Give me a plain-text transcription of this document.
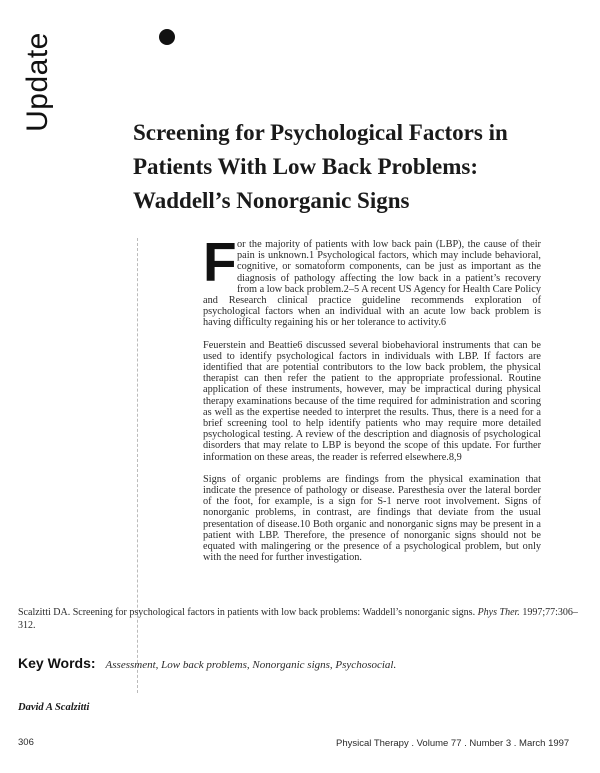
Update
Screening for Psychological Factors in
Patients With Low Back Problems:
Waddell’s Nonorganic Signs

For the majority of patients with low back pain (LBP), the cause of their pain is unknown.1 Psychological factors, which may include behavioral, cognitive, or somatoform components, can be just as important as the diagnosis of pathology affecting the low back in a patient’s recovery from a low back problem.2–5 A recent US Agency for Health Care Policy and Research clinical practice guideline recommends exploration of psychological factors when an individual with an acute low back problem is having difficulty regaining his or her tolerance to activity.6

Feuerstein and Beattie6 discussed several biobehavioral instruments that can be used to identify psychological factors in individuals with LBP. If factors are identified that are potential contributors to the low back problem, the physical therapist can then refer the patient to the appropriate professional. Routine application of these instruments, however, may be impractical during physical therapy examinations because of the time required for administration and scoring as well as the expertise needed to interpret the results. Thus, there is a need for a brief screening tool to help identify patients who may require more detailed psychological testing. A review of the description and diagnosis of psychological disorders that may relate to LBP is beyond the scope of this update. For further information on these areas, the reader is referred elsewhere.8,9

Signs of organic problems are findings from the physical examination that indicate the presence of pathology or disease. Paresthesia over the lateral border of the foot, for example, is a sign for S-1 nerve root involvement. Signs of nonorganic problems, in contrast, are findings that deviate from the usual presentation of disease.10 Both organic and nonorganic signs may be present in a patient with LBP. Therefore, the presence of nonorganic signs should not be equated with malingering or the presence of a psychological problem, but only with the need for further investigation.

Scalzitti DA. Screening for psychological factors in patients with low back problems: Waddell’s nonorganic signs. Phys Ther. 1997;77:306–312.
Key Words: Assessment, Low back problems, Nonorganic signs, Psychosocial.
David A Scalzitti
306	Physical Therapy . Volume 77 . Number 3 . March 1997
